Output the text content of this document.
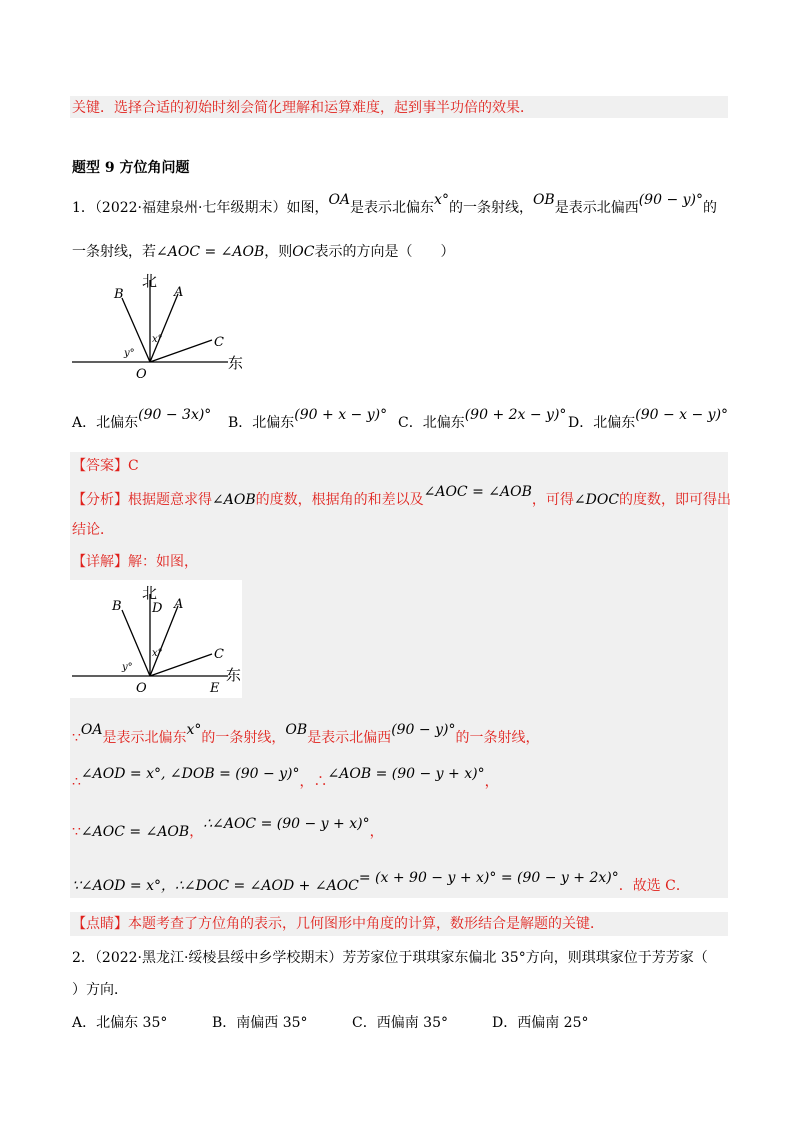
关键．选择合适的初始时刻会简化理解和运算难度，起到事半功倍的效果．
题型 9 方位角问题
1．（2022·福建泉州·七年级期末）如图，OA是表示北偏东x°的一条射线，OB是表示北偏西(90 − y)°的
一条射线，若∠AOC = ∠AOB，则OC表示的方向是（　　）
北
东
B	A
C
O
x°
y°
A．北偏东(90 − 3x)° B．北偏东(90 + x − y)° C．北偏东(90 + 2x − y)° D．北偏东(90 − x − y)°
【答案】C
【分析】根据题意求得∠AOB的度数，根据角的和差以及∠AOC = ∠AOB，可得∠DOC的度数，即可得出
结论．
【详解】解：如图，
北
东
B D A
C
O	E
x°
y°
∵OA是表示北偏东x°的一条射线，OB是表示北偏西(90 − y)°的一条射线，
∴∠AOD = x°, ∠DOB = (90 − y)°，∴∠AOB = (90 − y + x)°，
∵∠AOC = ∠AOB，∴∠AOC = (90 − y + x)°，
∵∠AOD = x°，∴∠DOC = ∠AOD + ∠AOC= (x + 90 − y + x)° = (90 − y + 2x)°．故选 C．
【点睛】本题考查了方位角的表示，几何图形中角度的计算，数形结合是解题的关键．
2．（2022·黑龙江·绥棱县绥中乡学校期末）芳芳家位于琪琪家东偏北 35°方向，则琪琪家位于芳芳家（
）方向．
A．北偏东 35°	B．南偏西 35°	C．西偏南 35°	D．西偏南 25°
